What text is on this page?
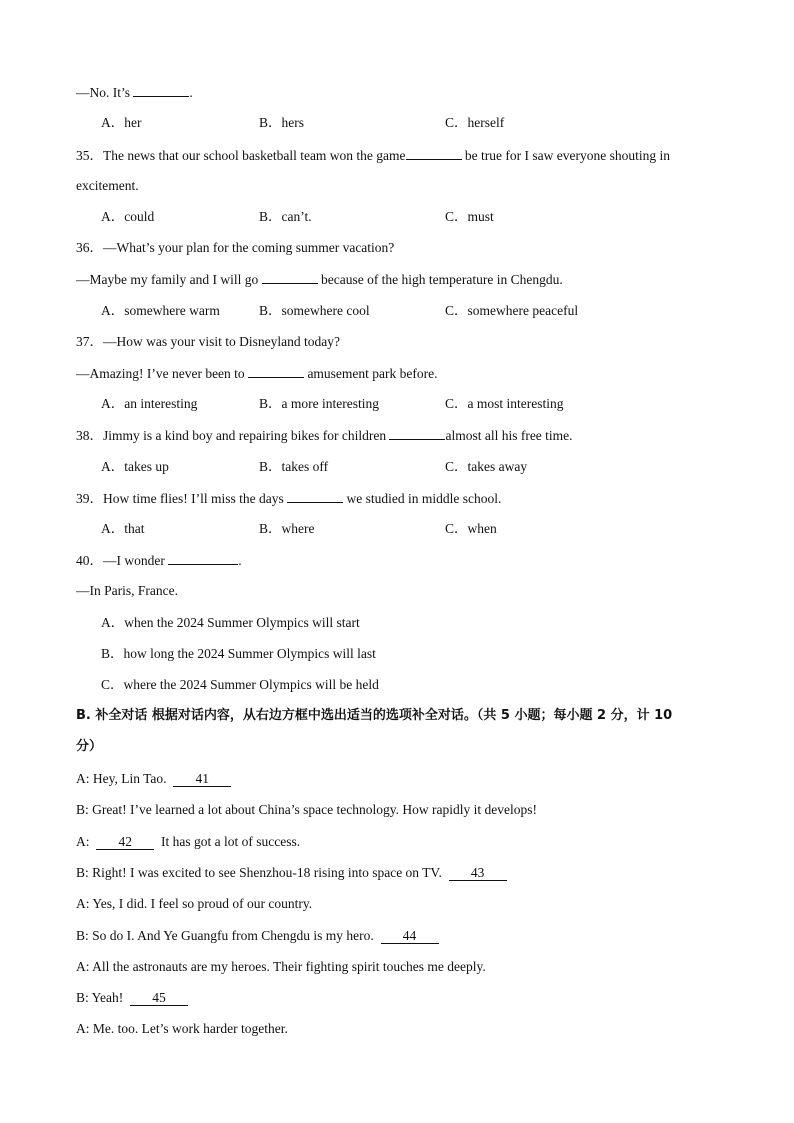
—No. It’s	.
A．her	B．hers	C．herself
35．The news that our school basketball team won the game	be true for I saw everyone shouting in
excitement.
A．could	B．can’t.	C．must
36．—What’s your plan for the coming summer vacation?
—Maybe my family and I will go	because of the high temperature in Chengdu.
A．somewhere warm	B．somewhere cool	C．somewhere peaceful
37．—How was your visit to Disneyland today?
—Amazing! I’ve never been to	amusement park before.
A．an interesting	B．a more interesting	C．a most interesting
38．Jimmy is a kind boy and repairing bikes for children	almost all his free time.
A．takes up	B．takes off	C．takes away
39．How time flies! I’ll miss the days	we studied in middle school.
A．that	B．where	C．when
40．—I wonder	.
—In Paris, France.
A．when the 2024 Summer Olympics will start
B．how long the 2024 Summer Olympics will last
C．where the 2024 Summer Olympics will be held
B. 补全对话 根据对话内容，从右边方框中选出适当的选项补全对话。（共 5 小题；每小题 2 分，计 10
分）
A: Hey, Lin Tao. 41
B: Great! I’ve learned a lot about China’s space technology. How rapidly it develops!
A: 42 It has got a lot of success.
B: Right! I was excited to see Shenzhou-18 rising into space on TV. 43
A: Yes, I did. I feel so proud of our country.
B: So do I. And Ye Guangfu from Chengdu is my hero. 44
A: All the astronauts are my heroes. Their fighting spirit touches me deeply.
B: Yeah! 45
A: Me. too. Let’s work harder together.
